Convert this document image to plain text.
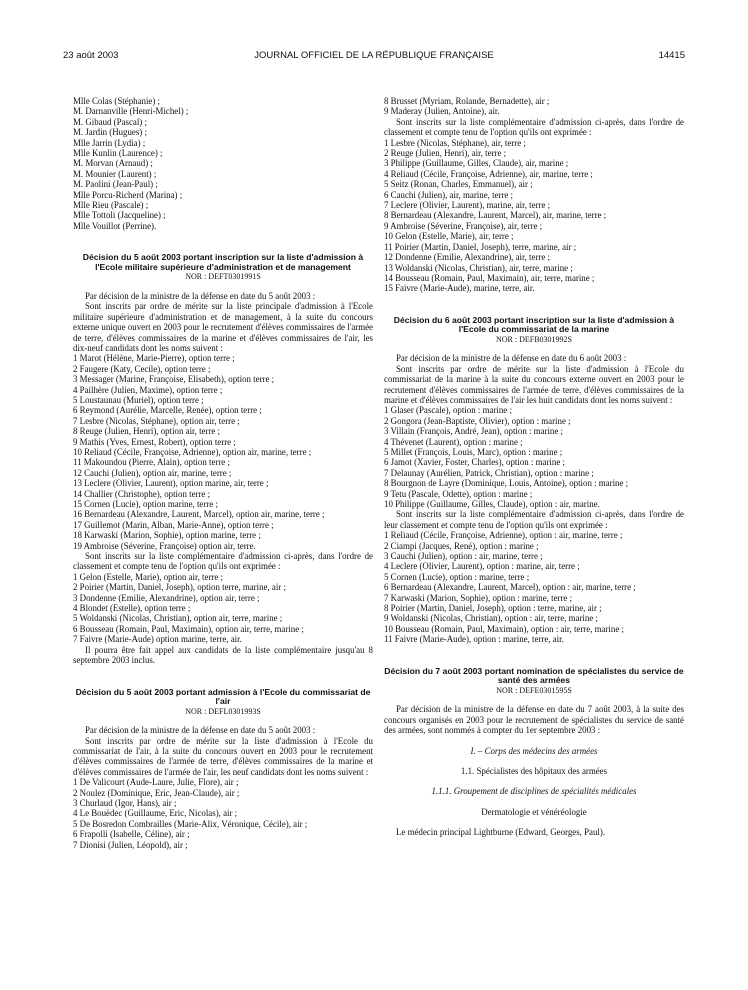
23 août 2003	JOURNAL OFFICIEL DE LA RÉPUBLIQUE FRANÇAISE	14415

Mlle Colas (Stéphanie) ;

M. Darnanville (Henri-Michel) ;

M. Gibaud (Pascal) ;

M. Jardin (Hugues) ;

Mlle Jarrin (Lydia) ;

Mlle Kunlin (Laurence) ;

M. Morvan (Arnaud) ;

M. Mounier (Laurent) ;

M. Paolini (Jean-Paul) ;

Mlle Porcu-Richerd (Marina) ;

Mlle Rieu (Pascale) ;

Mlle Tottoli (Jacqueline) ;

Mlle Vouillot (Perrine).

Décision du 5 août 2003 portant inscription sur la liste d'admission à l'Ecole militaire supérieure d'administration et de management

NOR : DEFT0301991S

Par décision de la ministre de la défense en date du 5 août 2003 :

Sont inscrits par ordre de mérite sur la liste principale d'admission à l'Ecole militaire supérieure d'administration et de management, à la suite du concours externe unique ouvert en 2003 pour le recrutement d'élèves commissaires de l'armée de terre, d'élèves commissaires de la marine et d'élèves commissaires de l'air, les dix-neuf candidats dont les noms suivent :

1 Marot (Hélène, Marie-Pierre), option terre ;

2 Faugere (Katy, Cecile), option terre ;

3 Messager (Marine, Françoise, Elisabeth), option terre ;

4 Pailhère (Julien, Maxime), option terre ;

5 Loustaunau (Muriel), option terre ;

6 Reymond (Aurélie, Marcelle, Renée), option terre ;

7 Lesbre (Nicolas, Stéphane), option air, terre ;

8 Reuge (Julien, Henri), option air, terre ;

9 Mathis (Yves, Ernest, Robert), option terre ;

10 Reliaud (Cécile, Françoise, Adrienne), option air, marine, terre ;

11 Makoundou (Pierre, Alain), option terre ;

12 Cauchi (Julien), option air, marine, terre ;

13 Leclere (Olivier, Laurent), option marine, air, terre ;

14 Challier (Christophe), option terre ;

15 Cornen (Lucie), option marine, terre ;

16 Bernardeau (Alexandre, Laurent, Marcel), option air, marine, terre ;

17 Guillemot (Marin, Alban, Marie-Anne), option terre ;

18 Karwaski (Marion, Sophie), option marine, terre ;

19 Ambroise (Séverine, Françoise) option air, terre.

Sont inscrits sur la liste complémentaire d'admission ci-après, dans l'ordre de classement et compte tenu de l'option qu'ils ont exprimée :

1 Gelon (Estelle, Marie), option air, terre ;

2 Poirier (Martin, Daniel, Joseph), option terre, marine, air ;

3 Dondenne (Emilie, Alexandrine), option air, terre ;

4 Blondet (Estelle), option terre ;

5 Woldanski (Nicolas, Christian), option air, terre, marine ;

6 Bousseau (Romain, Paul, Maximain), option air, terre, marine ;

7 Faivre (Marie-Aude) option marine, terre, air.

Il pourra être fait appel aux candidats de la liste complémentaire jusqu'au 8 septembre 2003 inclus.

Décision du 5 août 2003 portant admission à l'Ecole du commissariat de l'air

NOR : DEFL0301993S

Par décision de la ministre de la défense en date du 5 août 2003 :

Sont inscrits par ordre de mérite sur la liste d'admission à l'Ecole du commissariat de l'air, à la suite du concours ouvert en 2003 pour le recrutement d'élèves commissaires de l'armée de terre, d'élèves commissaires de la marine et d'élèves commissaires de l'armée de l'air, les neuf candidats dont les noms suivent :

1 De Valicourt (Aude-Laure, Julie, Flore), air ;

2 Noulez (Dominique, Eric, Jean-Claude), air ;

3 Churlaud (Igor, Hans), air ;

4 Le Bouëdec (Guillaume, Eric, Nicolas), air ;

5 De Bosredon Combrailles (Marie-Alix, Véronique, Cécile), air ;

6 Frapolli (Isabelle, Céline), air ;

7 Dionisi (Julien, Léopold), air ;

8 Brusset (Myriam, Rolande, Bernadette), air ;

9 Maderay (Julien, Antoine), air.

Sont inscrits sur la liste complémentaire d'admission ci-après, dans l'ordre de classement et compte tenu de l'option qu'ils ont exprimée :

1 Lesbre (Nicolas, Stéphane), air, terre ;

2 Reuge (Julien, Henri), air, terre ;

3 Philippe (Guillaume, Gilles, Claude), air, marine ;

4 Reliaud (Cécile, Françoise, Adrienne), air, marine, terre ;

5 Seitz (Ronan, Charles, Emmanuel), air ;

6 Cauchi (Julien), air, marine, terre ;

7 Leclere (Olivier, Laurent), marine, air, terre ;

8 Bernardeau (Alexandre, Laurent, Marcel), air, marine, terre ;

9 Ambroise (Séverine, Françoise), air, terre ;

10 Gelon (Estelle, Marie), air, terre ;

11 Poirier (Martin, Daniel, Joseph), terre, marine, air ;

12 Dondenne (Emilie, Alexandrine), air, terre ;

13 Woldanski (Nicolas, Christian), air, terre, marine ;

14 Bousseau (Romain, Paul, Maximain), air, terre, marine ;

15 Faivre (Marie-Aude), marine, terre, air.

Décision du 6 août 2003 portant inscription sur la liste d'admission à l'Ecole du commissariat de la marine

NOR : DEFB0301992S

Par décision de la ministre de la défense en date du 6 août 2003 :

Sont inscrits par ordre de mérite sur la liste d'admission à l'Ecole du commissariat de la marine à la suite du concours externe ouvert en 2003 pour le recrutement d'élèves commissaires de l'armée de terre, d'élèves commissaires de la marine et d'élèves commissaires de l'air les huit candidats dont les noms suivent :

1 Glaser (Pascale), option : marine ;

2 Gongora (Jean-Baptiste, Olivier), option : marine ;

3 Villain (François, André, Jean), option : marine ;

4 Thévenet (Laurent), option : marine ;

5 Millet (François, Louis, Marc), option : marine ;

6 Jamot (Xavier, Foster, Charles), option : marine ;

7 Delaunay (Aurélien, Patrick, Christian), option : marine ;

8 Bourgnon de Layre (Dominique, Louis, Antoine), option : marine ;

9 Tetu (Pascale, Odette), option : marine ;

10 Philippe (Guillaume, Gilles, Claude), option : air, marine.

Sont inscrits sur la liste complémentaire d'admission ci-après, dans l'ordre de leur classement et compte tenu de l'option qu'ils ont exprimée :

1 Reliaud (Cécile, Françoise, Adrienne), option : air, marine, terre ;

2 Ciampi (Jacques, René), option : marine ;

3 Cauchi (Julien), option : air, marine, terre ;

4 Leclere (Olivier, Laurent), option : marine, air, terre ;

5 Cornen (Lucie), option : marine, terre ;

6 Bernardeau (Alexandre, Laurent, Marcel), option : air, marine, terre ;

7 Karwaski (Marion, Sophie), option : marine, terre ;

8 Poirier (Martin, Daniel, Joseph), option : terre, marine, air ;

9 Woldanski (Nicolas, Christian), option : air, terre, marine ;

10 Bousseau (Romain, Paul, Maximain), option : air, terre, marine ;

11 Faivre (Marie-Aude), option : marine, terre, air.

Décision du 7 août 2003 portant nomination de spécialistes du service de santé des armées

NOR : DEFE0301595S

Par décision de la ministre de la défense en date du 7 août 2003, à la suite des concours organisés en 2003 pour le recrutement de spécialistes du service de santé des armées, sont nommés à compter du 1er septembre 2003 :

I. – Corps des médecins des armées

1.1. Spécialistes des hôpitaux des armées

1.1.1. Groupement de disciplines de spécialités médicales

Dermatologie et vénéréologie

Le médecin principal Lightburne (Edward, Georges, Paul).
